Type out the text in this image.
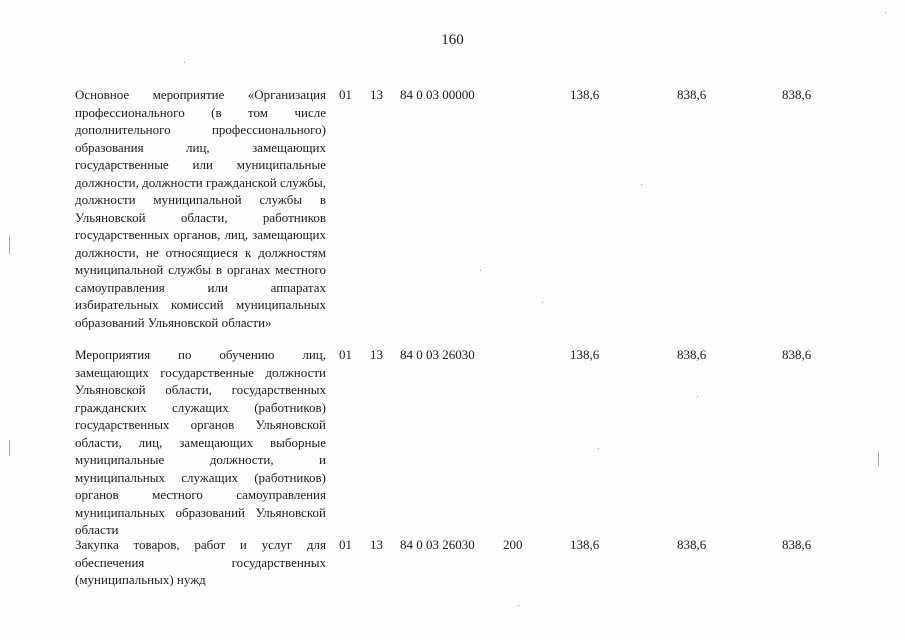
160
Основное мероприятие «Организация профессионального (в том числе дополнительного профессионального) образования лиц, замещающих государственные или муниципальные должности, должности гражданской службы, должности муниципальной службы в Ульяновской области, работников государственных органов, лиц, замещающих должности, не относящиеся к должностям муниципальной службы в органах местного самоуправления или аппаратах избирательных комиссий муниципальных образований Ульяновской области»
01 13 84 0 03 00000	138,6	838,6	838,6
Мероприятия по обучению лиц, замещающих государственные должности Ульяновской области, государственных гражданских служащих (работников) государственных органов Ульяновской области, лиц, замещающих выборные муниципальные должности, и муниципальных служащих (работников) органов местного самоуправления муниципальных образований Ульяновской области
01 13 84 0 03 26030	138,6	838,6	838,6
Закупка товаров, работ и услуг для обеспечения государственных (муниципальных) нужд
01 13 84 0 03 26030 200	138,6	838,6	838,6
